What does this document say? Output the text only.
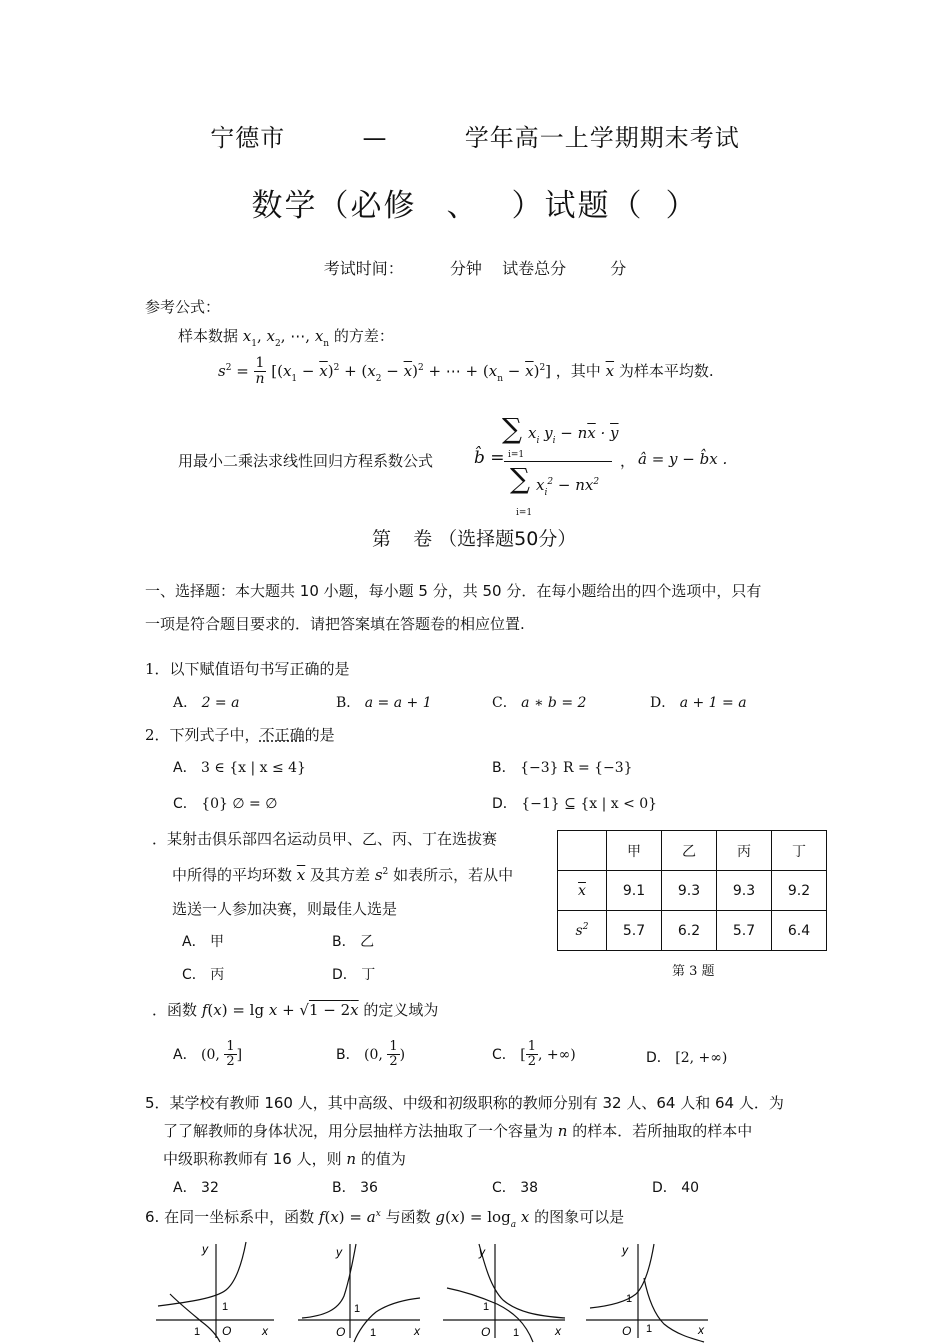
宁德市	—	学年高一上学期期末考试
数学（必修 、 ）试题（ ）
考试时间：	分钟 试卷总分	分
参考公式：
样本数据 $x_1$, $x_2$, ⋯, $x_n$ 的方差：
$s^2 = \frac{1}{n} [(x_1 - \overline{x})^2 + (x_2 - \overline{x})^2$ + ⋯ + $(x_n - \overline{x})^2$] ，其中 $\overline{x}$ 为样本平均数.
用最小二乘法求线性回归方程系数公式 b̂ =
∑ $x_i$ $y_i - n\overline{x} \cdot \overline{y}$
i=1
∑ $x_i^2 - nx^2$
i=1
， â = y − b̂x .
第 卷 （选择题50分）
一、选择题：本大题共 10 小题，每小题 5 分，共 50 分．在每小题给出的四个选项中，只有
一项是符合题目要求的．请把答案填在答题卷的相应位置.
1．以下赋值语句书写正确的是
A． 2 = a	B． a = a + 1	C． a ∗ b = 2	D． a + 1 = a
2．下列式子中，不正确的是
A． 3 ∈ {x | x ≤ 4}	B． {−3} R = {−3}
C． {0} ∅ = ∅	D． {−1} ⊆ {x | x < 0}
．某射击俱乐部四名运动员甲、乙、丙、丁在选拔赛
中所得的平均环数 $\overline{x}$ 及其方差 $s^2$ 如表所示，若从中
选送一人参加决赛，则最佳人选是
A． 甲	B． 乙
C． 丙	D． 丁
	甲	乙	丙	丁
$\overline{x}$	9.1	9.3	9.3	9.2
$s^2$	5.7	6.2	5.7	6.4
第 3 题
．函数 f(x) = lg x + √1 − 2x 的定义域为
A． (0, $\frac{1}{2}$ ]	B． (0, $\frac{1}{2}$ )	C． [ $\frac{1}{2}$ , +∞)	D． [2, +∞)
5．某学校有教师 160 人，其中高级、中级和初级职称的教师分别有 32 人、64 人和 64 人．为
了了解教师的身体状况，用分层抽样方法抽取了一个容量为 n 的样本．若所抽取的样本中
中级职称教师有 16 人，则 n 的值为
A． 32	B． 36	C． 38	D． 40
6. 在同一坐标系中，函数 $f(x) = a^x$ 与函数 $g(x) = \log_a x$ 的图象可以是
y
x
O
1
1
y
x
O
1
1
y
x
O
1
1
y
x
O
1
1
